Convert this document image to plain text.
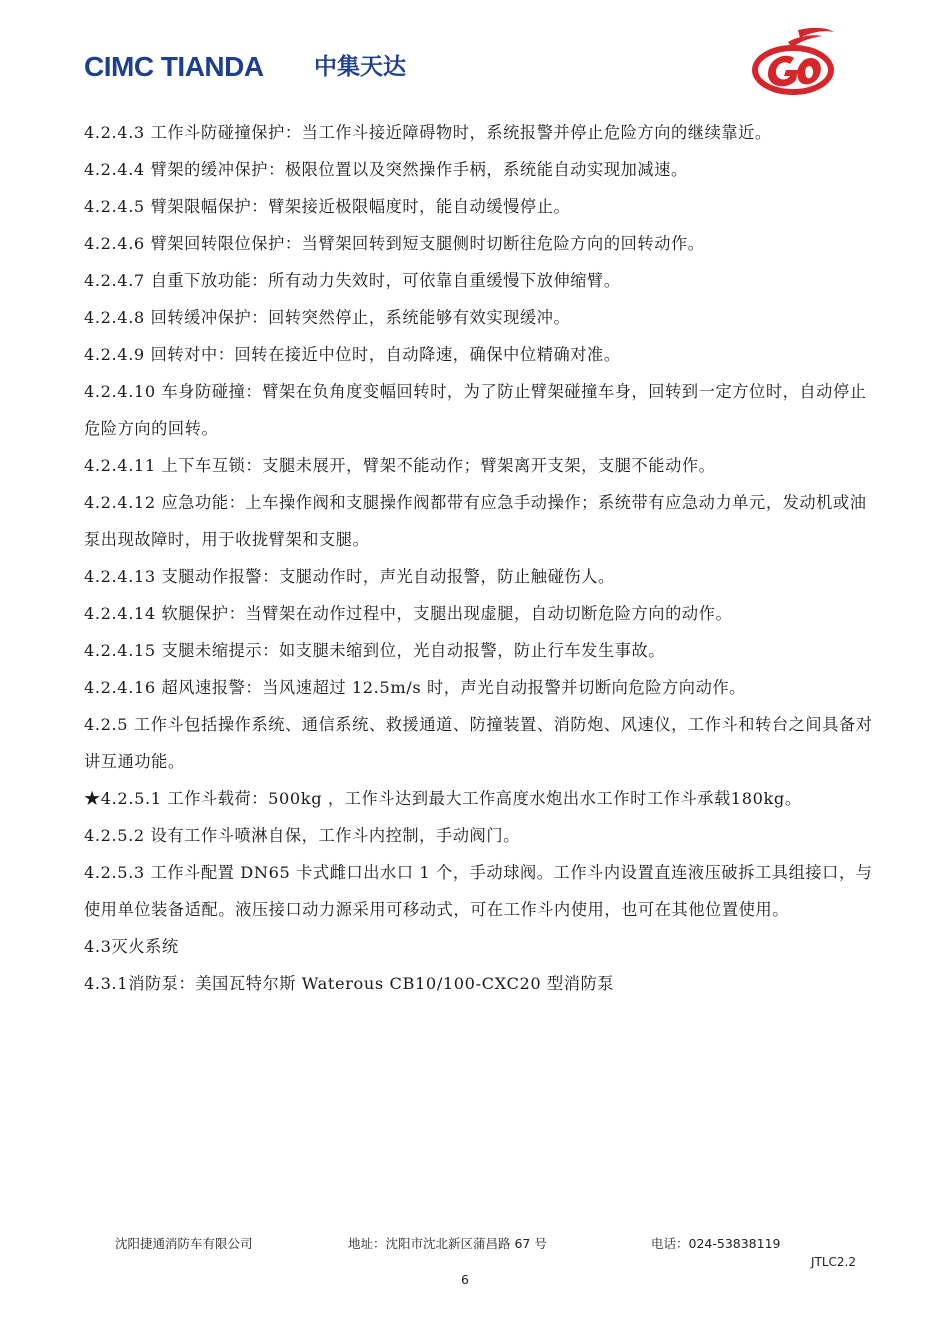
CIMC TIANDA 中集天达

4.2.4.3 工作斗防碰撞保护：当工作斗接近障碍物时，系统报警并停止危险方向的继续靠近。

4.2.4.4 臂架的缓冲保护：极限位置以及突然操作手柄，系统能自动实现加减速。

4.2.4.5 臂架限幅保护：臂架接近极限幅度时，能自动缓慢停止。

4.2.4.6 臂架回转限位保护：当臂架回转到短支腿侧时切断往危险方向的回转动作。

4.2.4.7 自重下放功能：所有动力失效时，可依靠自重缓慢下放伸缩臂。

4.2.4.8 回转缓冲保护：回转突然停止，系统能够有效实现缓冲。

4.2.4.9 回转对中：回转在接近中位时，自动降速，确保中位精确对准。

4.2.4.10 车身防碰撞：臂架在负角度变幅回转时，为了防止臂架碰撞车身，回转到一定方位时，自动停止危险方向的回转。

4.2.4.11 上下车互锁：支腿未展开，臂架不能动作；臂架离开支架，支腿不能动作。

4.2.4.12 应急功能：上车操作阀和支腿操作阀都带有应急手动操作；系统带有应急动力单元，发动机或油泵出现故障时，用于收拢臂架和支腿。

4.2.4.13 支腿动作报警：支腿动作时，声光自动报警，防止触碰伤人。

4.2.4.14 软腿保护：当臂架在动作过程中，支腿出现虚腿，自动切断危险方向的动作。

4.2.4.15 支腿未缩提示：如支腿未缩到位，光自动报警，防止行车发生事故。

4.2.4.16 超风速报警：当风速超过 12.5m/s 时，声光自动报警并切断向危险方向动作。

4.2.5 工作斗包括操作系统、通信系统、救援通道、防撞装置、消防炮、风速仪，工作斗和转台之间具备对讲互通功能。

★4.2.5.1 工作斗载荷：500kg ，工作斗达到最大工作高度水炮出水工作时工作斗承载180kg。

4.2.5.2 设有工作斗喷淋自保，工作斗内控制，手动阀门。

4.2.5.3 工作斗配置 DN65 卡式雌口出水口 1 个，手动球阀。工作斗内设置直连液压破拆工具组接口，与使用单位装备适配。液压接口动力源采用可移动式，可在工作斗内使用，也可在其他位置使用。

4.3灭火系统

4.3.1消防泵：美国瓦特尔斯 Waterous CB10/100-CXC20 型消防泵

沈阳捷通消防车有限公司	地址：沈阳市沈北新区蒲昌路 67 号	电话：024-53838119
JTLC2.2
6
